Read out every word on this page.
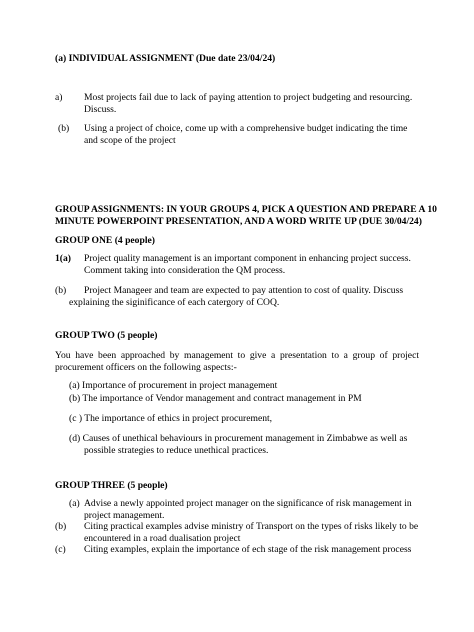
(a) INDIVIDUAL ASSIGNMENT (Due date 23/04/24)
a) Most projects fail due to lack of paying attention to project budgeting and resourcing. Discuss.
(b) Using a project of choice, come up with a comprehensive budget indicating the time and scope of the project
GROUP ASSIGNMENTS: IN YOUR GROUPS 4, PICK A QUESTION AND PREPARE A 10
MINUTE POWERPOINT PRESENTATION, AND A WORD WRITE UP (DUE 30/04/24)
GROUP ONE (4 people)
1(a) Project quality management is an important component in enhancing project success.
Comment taking into consideration the QM process.
(b) Project Manageer and team are expected to pay attention to cost of quality. Discuss
explaining the siginificance of each catergory of COQ.
GROUP TWO (5 people)
You have been approached by management to give a presentation to a group of project procurement officers on the following aspects:-
(a) Importance of procurement in project management
(b) The importance of Vendor management and contract management in PM
(c ) The importance of ethics in project procurement,
(d) Causes of unethical behaviours in procurement management in Zimbabwe as well as
possible strategies to reduce unethical practices.
GROUP THREE (5 people)
(a) Advise a newly appointed project manager on the significance of risk management in
project management.
(b) Citing practical examples advise ministry of Transport on the types of risks likely to be
encountered in a road dualisation project
(c) Citing examples, explain the importance of ech stage of the risk management process
